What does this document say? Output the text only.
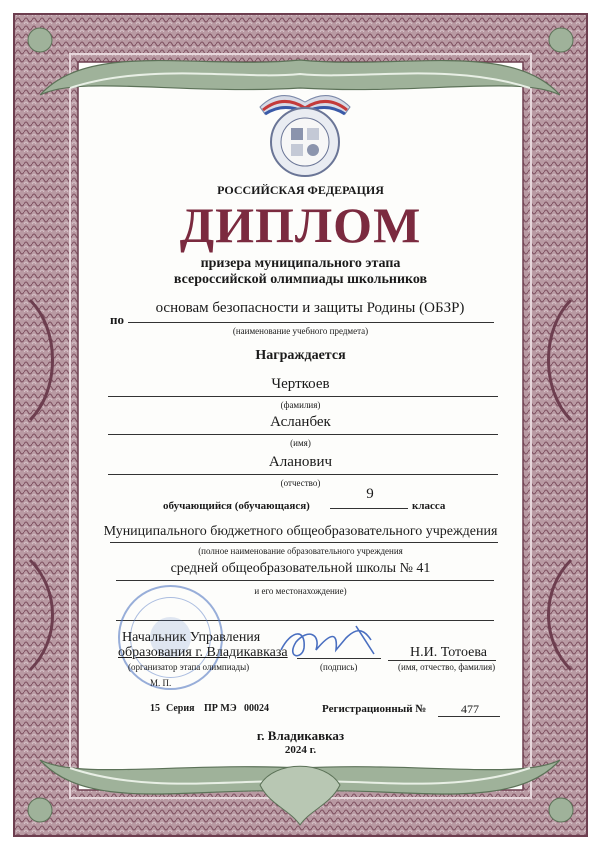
РОССИЙСКАЯ ФЕДЕРАЦИЯ
ДИПЛОМ
призера муниципального этапа
всероссийской олимпиады школьников
по
основам безопасности и защиты Родины (ОБЗР)
(наименование учебного предмета)
Награждается
Черткоев
(фамилия)
Асланбек
(имя)
Аланович
(отчество)
обучающийся (обучающаяся)
9
класса
Муниципального бюджетного общеобразовательного учреждения
(полное наименование образовательного учреждения
средней общеобразовательной школы № 41
и его местонахождение)
Начальник Управления
образования г. Владикавказа
(организатор этапа олимпиады)	(подпись)
Н.И. Тотоева
(имя, отчество, фамилия)
М. П.
15 Серия ПР МЭ 00024	Регистрационный №	477
г. Владикавказ
2024 г.
